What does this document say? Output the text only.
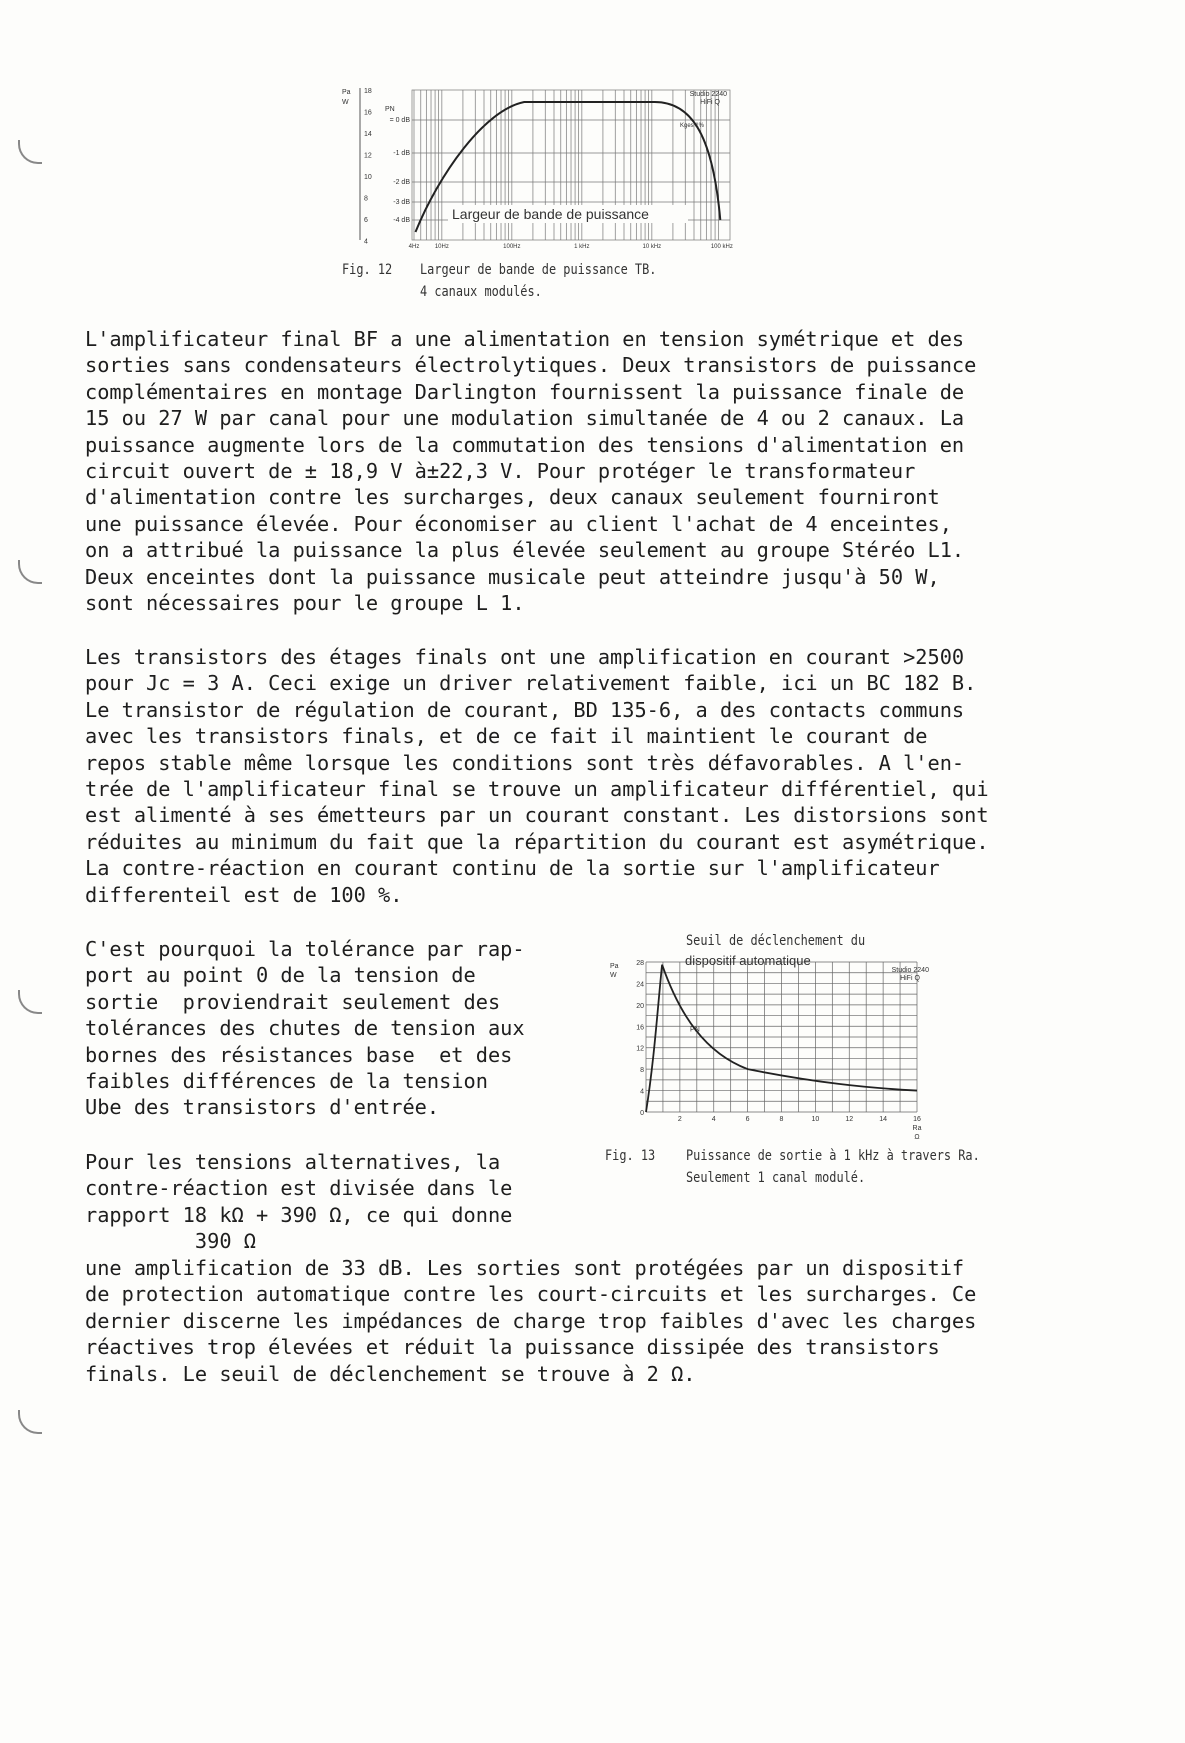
= 0 dB
-1 dB
-2 dB
-3 dB
-4 dB
PN
18
16
14
12
10
8
6
4
Pa
W
4Hz	10Hz	100Hz	1 kHz	10 kHz	100 kHz
Studio 2240
HiFi Q
Kges 1%
Largeur de bande de puissance
Fig. 12 Largeur de bande de puissance TB.
4 canaux modulés.
L'amplificateur final BF a une alimentation en tension symétrique et des
sorties sans condensateurs électrolytiques. Deux transistors de puissance
complémentaires en montage Darlington fournissent la puissance finale de
15 ou 27 W par canal pour une modulation simultanée de 4 ou 2 canaux. La
puissance augmente lors de la commutation des tensions d'alimentation en
circuit ouvert de ± 18,9 V à±22,3 V. Pour protéger le transformateur
d'alimentation contre les surcharges, deux canaux seulement fourniront
une puissance élevée. Pour économiser au client l'achat de 4 enceintes,
on a attribué la puissance la plus élevée seulement au groupe Stéréo L1.
Deux enceintes dont la puissance musicale peut atteindre jusqu'à 50 W,
sont nécessaires pour le groupe L 1.
Les transistors des étages finals ont une amplification en courant >2500
pour Jc = 3 A. Ceci exige un driver relativement faible, ici un BC 182 B.
Le transistor de régulation de courant, BD 135-6, a des contacts communs
avec les transistors finals, et de ce fait il maintient le courant de
repos stable même lorsque les conditions sont très défavorables. A l'en-
trée de l'amplificateur final se trouve un amplificateur différentiel, qui
est alimenté à ses émetteurs par un courant constant. Les distorsions sont
réduites au minimum du fait que la répartition du courant est asymétrique.
La contre-réaction en courant continu de la sortie sur l'amplificateur
differenteil est de 100 %.
C'est pourquoi la tolérance par rap-
port au point 0 de la tension de
sortie  proviendrait seulement des
tolérances des chutes de tension aux
bornes des résistances base  et des
faibles différences de la tension
Ube des transistors d'entrée.
Pour les tensions alternatives, la
contre-réaction est divisée dans le
rapport 18 kΩ + 390 Ω, ce qui donne
390 Ω
une amplification de 33 dB. Les sorties sont protégées par un dispositif
de protection automatique contre les court-circuits et les surcharges. Ce
dernier discerne les impédances de charge trop faibles d'avec les charges
réactives trop élevées et réduit la puissance dissipée des transistors
finals. Le seuil de déclenchement se trouve à 2 Ω.
Seuil de déclenchement du
28
24
20
16
12
8
4
0
2	4	6	8	10	12	14	16
Ra
Ω
Pa
W
Studio 2240
HiFi Q
PN
dispositif automatique
Fig. 13 Puissance de sortie à 1 kHz à travers Ra.
Seulement 1 canal modulé.
